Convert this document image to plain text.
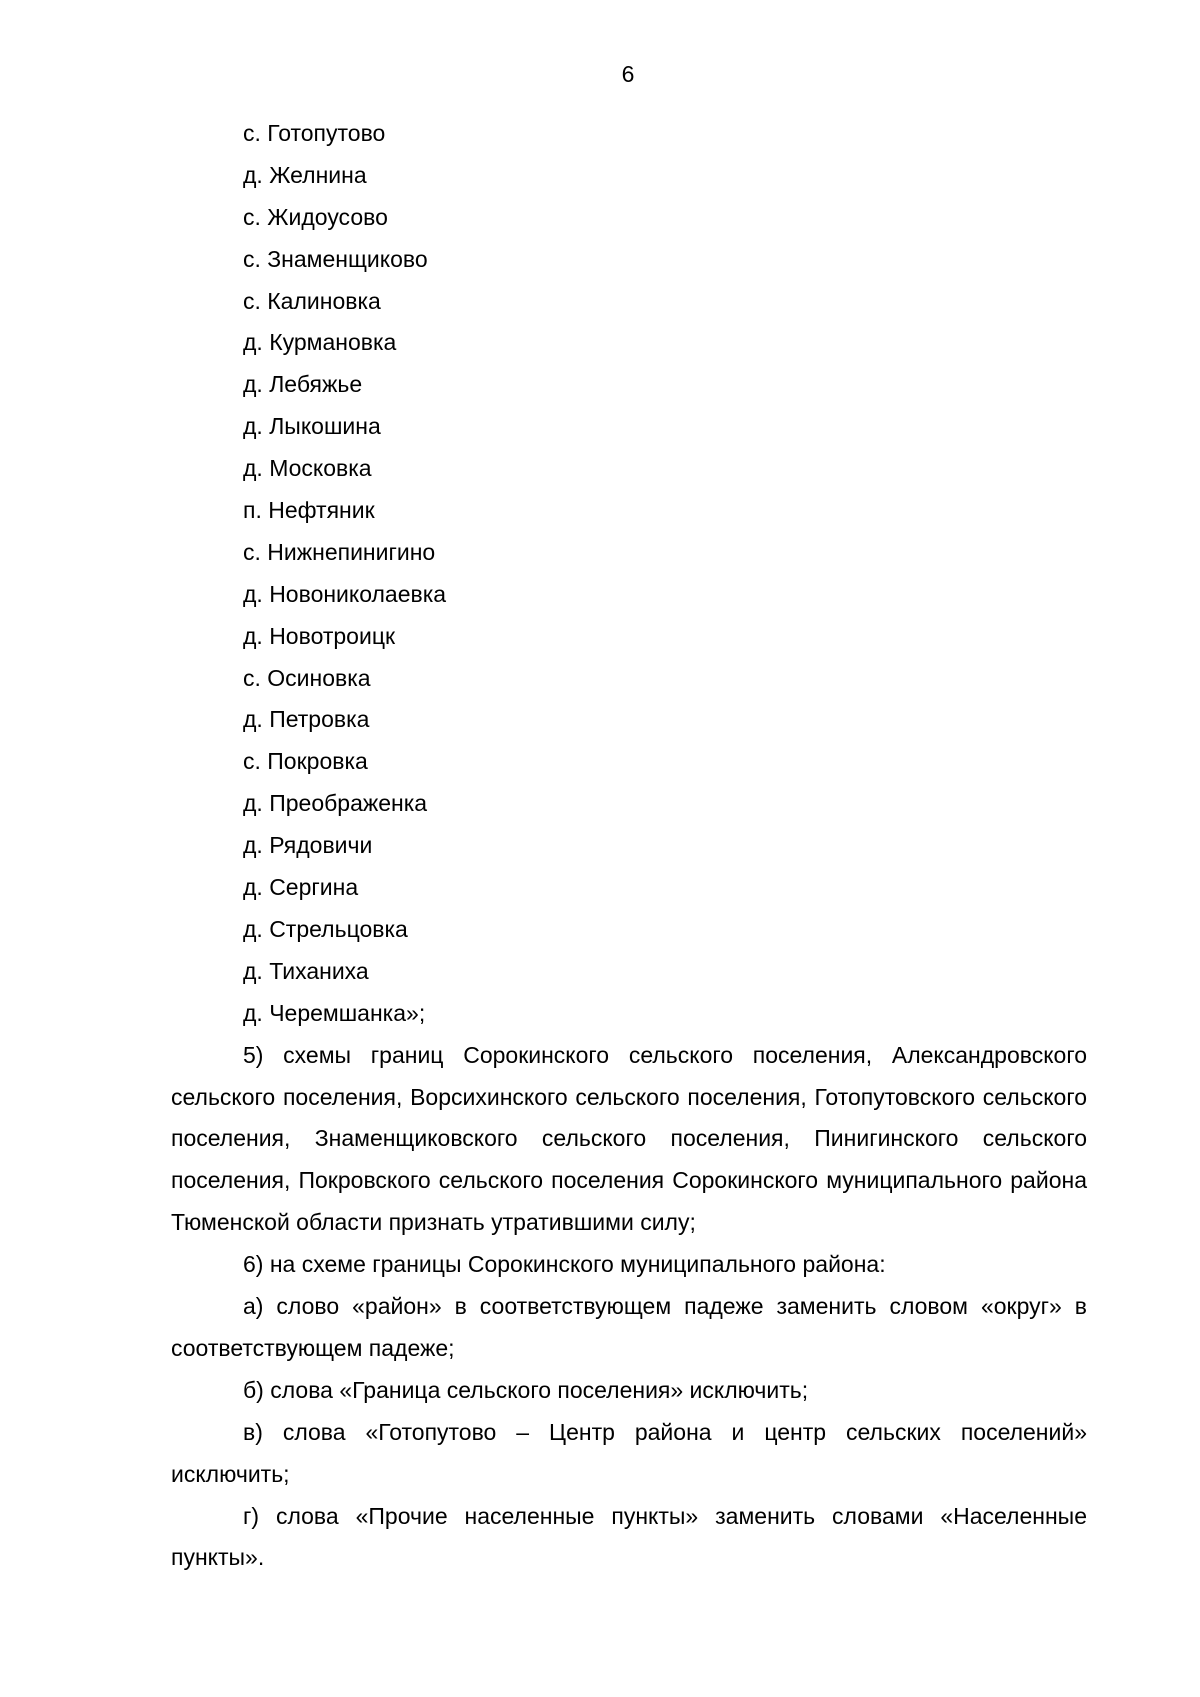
6
с. Готопутово
д. Желнина
с. Жидоусово
с. Знаменщиково
с. Калиновка
д. Курмановка
д. Лебяжье
д. Лыкошина
д. Московка
п. Нефтяник
с. Нижнепинигино
д. Новониколаевка
д. Новотроицк
с. Осиновка
д. Петровка
с. Покровка
д. Преображенка
д. Рядовичи
д. Сергина
д. Стрельцовка
д. Тиханиха
д. Черемшанка»;

5) схемы границ Сорокинского сельского поселения, Александровского сельского поселения, Ворсихинского сельского поселения, Готопутовского сельского поселения, Знаменщиковского сельского поселения, Пинигинского сельского поселения, Покровского сельского поселения Сорокинского муниципального района Тюменской области признать утратившими силу;

6) на схеме границы Сорокинского муниципального района:

а) слово «район» в соответствующем падеже заменить словом «округ» в соответствующем падеже;

б) слова «Граница сельского поселения» исключить;

в) слова «Готопутово – Центр района и центр сельских поселений» исключить;

г) слова «Прочие населенные пункты» заменить словами «Населенные пункты».
